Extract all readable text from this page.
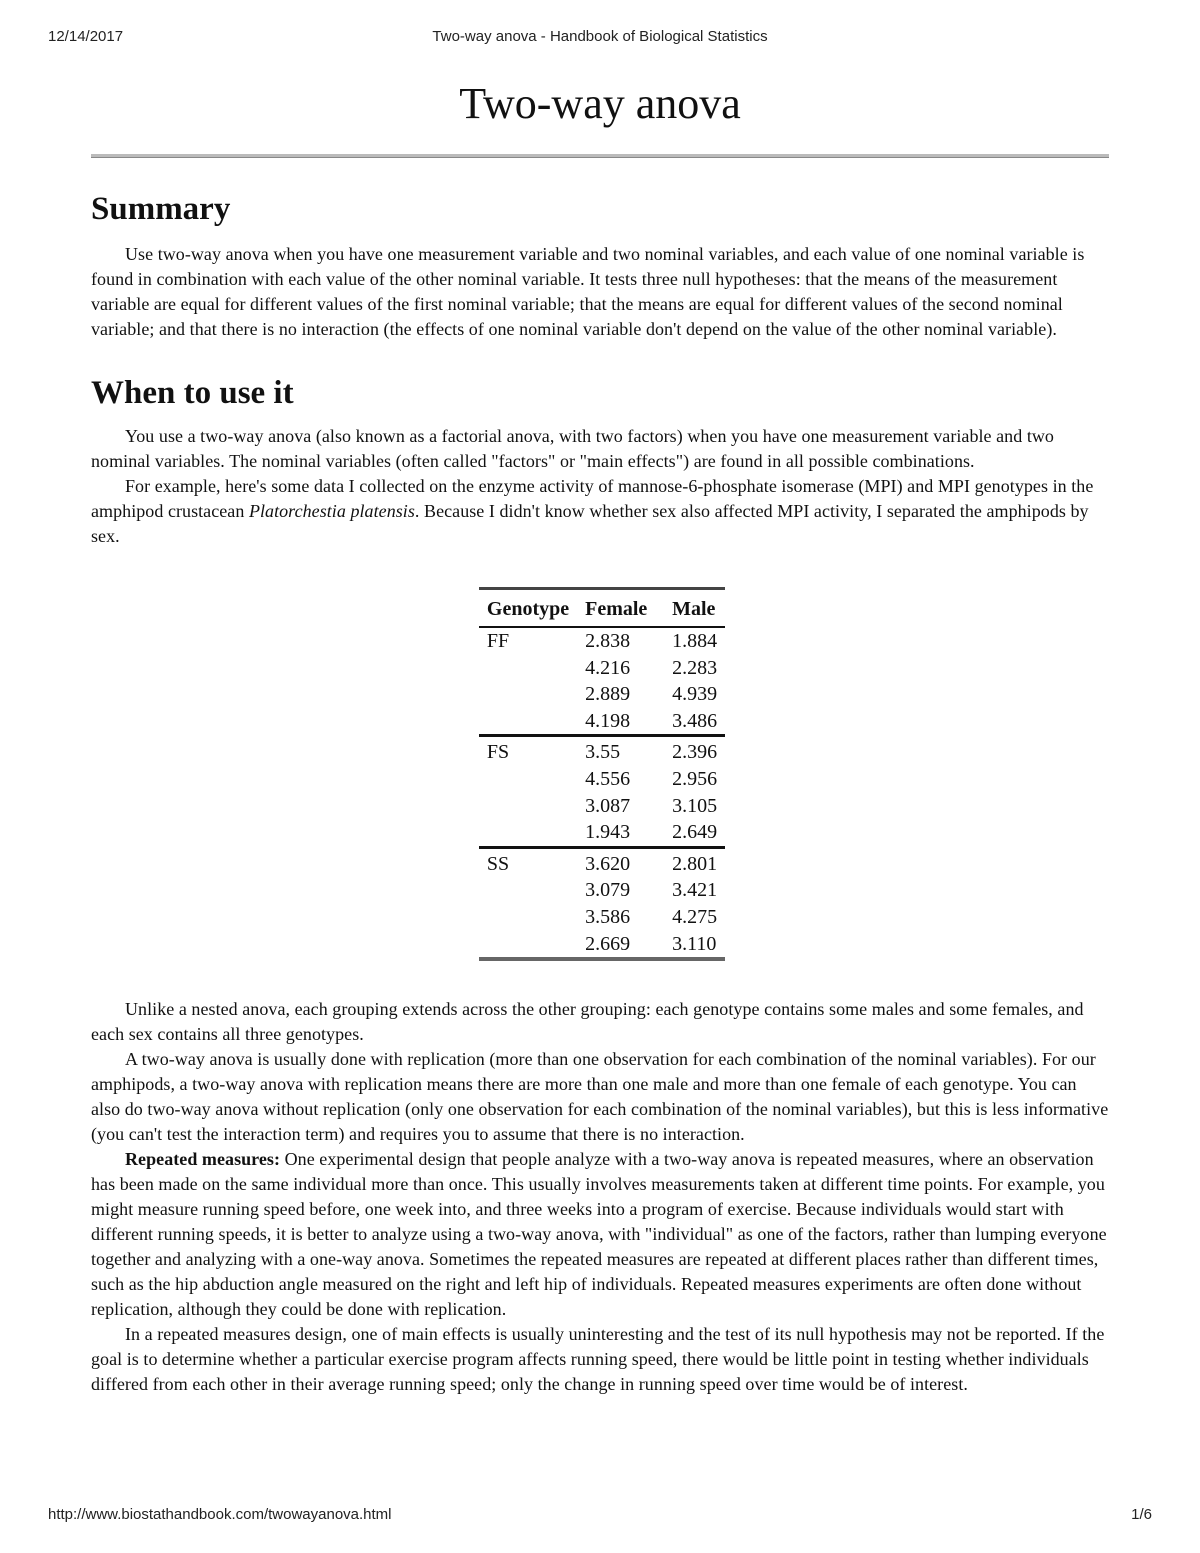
12/14/2017	Two-way anova - Handbook of Biological Statistics
Two-way anova
Summary

Use two-way anova when you have one measurement variable and two nominal variables, and each value of one nominal variable is found in combination with each value of the other nominal variable. It tests three null hypotheses: that the means of the measurement variable are equal for different values of the first nominal variable; that the means are equal for different values of the second nominal variable; and that there is no interaction (the effects of one nominal variable don't depend on the value of the other nominal variable).

When to use it

You use a two-way anova (also known as a factorial anova, with two factors) when you have one measurement variable and two nominal variables. The nominal variables (often called "factors" or "main effects") are found in all possible combinations.

For example, here's some data I collected on the enzyme activity of mannose-6-phosphate isomerase (MPI) and MPI genotypes in the amphipod crustacean Platorchestia platensis. Because I didn't know whether sex also affected MPI activity, I separated the amphipods by sex.

Genotype	Female	Male
FF	2.838	1.884
	4.216	2.283
	2.889	4.939
	4.198	3.486
FS	3.55	2.396
	4.556	2.956
	3.087	3.105
	1.943	2.649
SS	3.620	2.801
	3.079	3.421
	3.586	4.275
	2.669	3.110

Unlike a nested anova, each grouping extends across the other grouping: each genotype contains some males and some females, and each sex contains all three genotypes.

A two-way anova is usually done with replication (more than one observation for each combination of the nominal variables). For our amphipods, a two-way anova with replication means there are more than one male and more than one female of each genotype. You can also do two-way anova without replication (only one observation for each combination of the nominal variables), but this is less informative (you can't test the interaction term) and requires you to assume that there is no interaction.

Repeated measures: One experimental design that people analyze with a two-way anova is repeated measures, where an observation has been made on the same individual more than once. This usually involves measurements taken at different time points. For example, you might measure running speed before, one week into, and three weeks into a program of exercise. Because individuals would start with different running speeds, it is better to analyze using a two-way anova, with "individual" as one of the factors, rather than lumping everyone together and analyzing with a one-way anova. Sometimes the repeated measures are repeated at different places rather than different times, such as the hip abduction angle measured on the right and left hip of individuals. Repeated measures experiments are often done without replication, although they could be done with replication.

In a repeated measures design, one of main effects is usually uninteresting and the test of its null hypothesis may not be reported. If the goal is to determine whether a particular exercise program affects running speed, there would be little point in testing whether individuals differed from each other in their average running speed; only the change in running speed over time would be of interest.

http://www.biostathandbook.com/twowayanova.html	1/6
